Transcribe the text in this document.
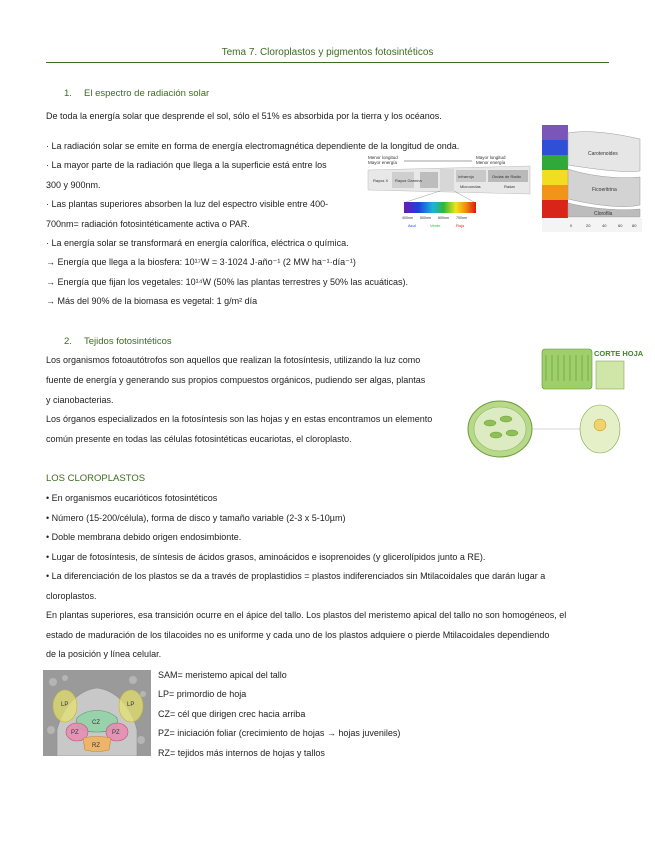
Tema 7. Cloroplastos y pigmentos fotosintéticos
1. El espectro de radiación solar
De toda la energía solar que desprende el sol, sólo el 51% es absorbida por la tierra y los océanos.
· La radiación solar se emite en forma de energía electromagnética dependiente de la longitud de onda.
· La mayor parte de la radiación que llega a la superficie está entre los
300 y 900nm.
· Las plantas superiores absorben la luz del espectro visible entre 400-
700nm= radiación fotosintéticamente activa o PAR.
· La energía solar se transformará en energía calorífica, eléctrica o química.
→ Energía que llega a la biosfera: 10¹⁷W = 3·1024 J·año⁻¹ (2 MW ha⁻¹·día⁻¹)
→ Energía que fijan los vegetales: 10¹⁴W (50% las plantas terrestres y 50% las acuáticas).
→ Más del 90% de la biomasa es vegetal: 1 g/m² día
Menor longitud
Mayor energía
Mayor longitud
Menor energía
Rayos X Rayos Gamma
Infrarrojo	Ondas de Radio
Microondas	Radar
400nm 500nm 600nm 700nm
Azul	Verde	Rojo
Carotenoides
Ficoeritrina
Clorofila
0	20	40	60 80
2. Tejidos fotosintéticos
Los organismos fotoautótrofos son aquellos que realizan la fotosíntesis, utilizando la luz como
fuente de energía y generando sus propios compuestos orgánicos, pudiendo ser algas, plantas
y cianobacterias.
Los órganos especializados en la fotosíntesis son las hojas y en estas encontramos un elemento
común presente en todas las células fotosintéticas eucariotas, el cloroplasto.
CORTE HOJA
LOS CLOROPLASTOS
• En organismos eucarióticos fotosintéticos
• Número (15-200/célula), forma de disco y tamaño variable (2-3 x 5-10µm)
• Doble membrana debido origen endosimbionte.
• Lugar de fotosíntesis, de síntesis de ácidos grasos, aminoácidos e isoprenoides (y glicerolípidos junto a RE).
• La diferenciación de los plastos se da a través de proplastidios = plastos indiferenciados sin Mtilacoidales que darán lugar a
cloroplastos.
En plantas superiores, esa transición ocurre en el ápice del tallo. Los plastos del meristemo apical del tallo no son homogéneos, el
estado de maduración de los tilacoides no es uniforme y cada uno de los plastos adquiere o pierde Mtilacoidales dependiendo
de la posición y línea celular.
LP	LP
CZ
PZ	PZ
RZ
SAM= meristemo apical del tallo
LP= primordio de hoja
CZ= cél que dirigen crec hacia arriba
PZ= iniciación foliar (crecimiento de hojas → hojas juveniles)
RZ= tejidos más internos de hojas y tallos
